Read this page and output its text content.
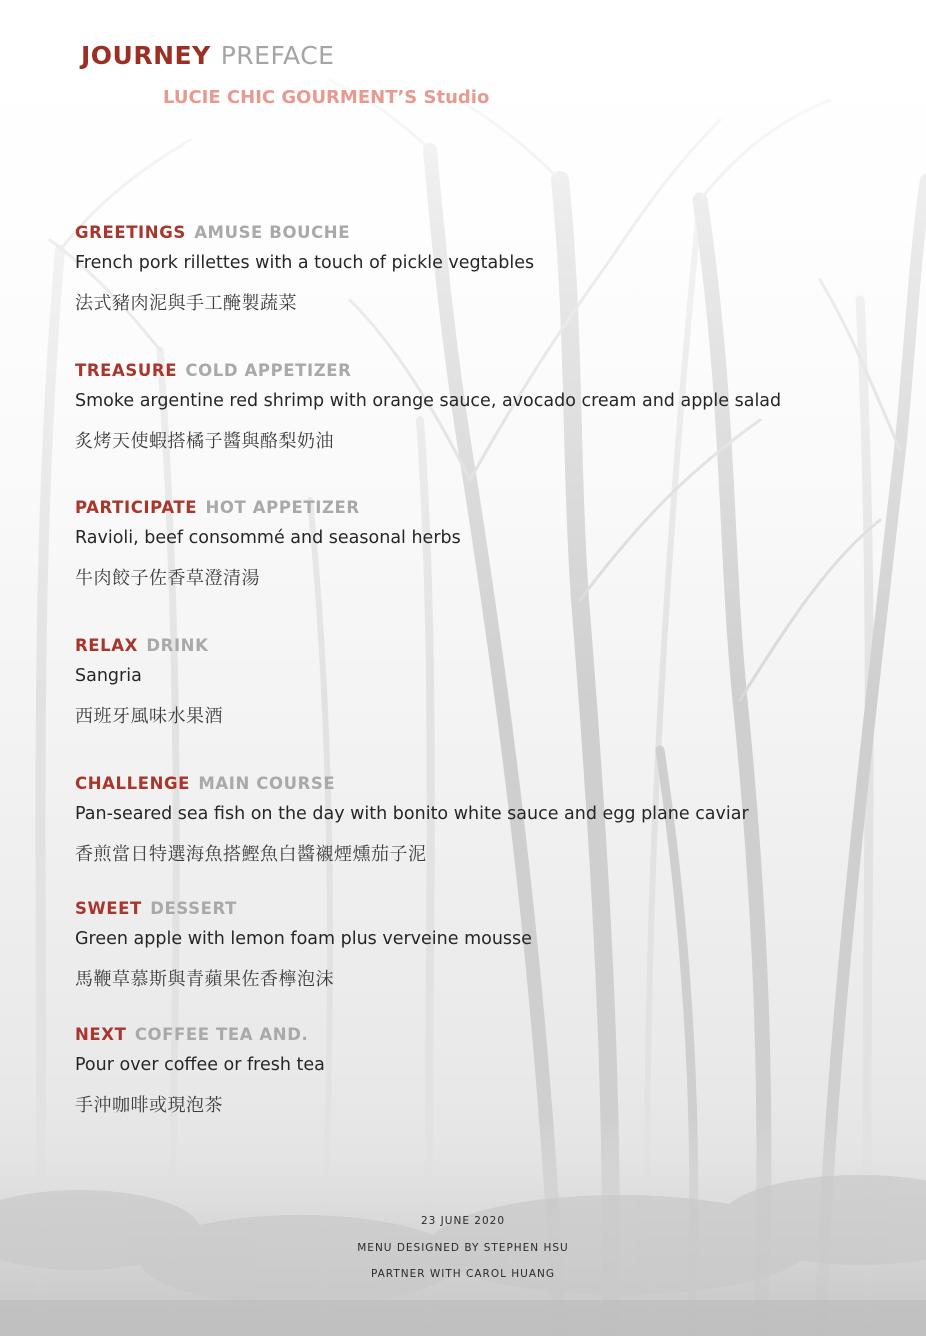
JOURNEY PREFACE
LUCIE CHIC GOURMENT’S Studio
GREETINGS AMUSE BOUCHE
French pork rillettes with a touch of pickle vegtables
法式豬肉泥與手工醃製蔬菜
TREASURE COLD APPETIZER
Smoke argentine red shrimp with orange sauce, avocado cream and apple salad
炙烤天使蝦搭橘子醬與酪梨奶油
PARTICIPATE HOT APPETIZER
Ravioli, beef consommé and seasonal herbs
牛肉餃子佐香草澄清湯
RELAX DRINK
Sangria
西班牙風味水果酒
CHALLENGE MAIN COURSE
Pan-seared sea fish on the day with bonito white sauce and egg plane caviar
香煎當日特選海魚搭鰹魚白醬襯煙燻茄子泥
SWEET DESSERT
Green apple with lemon foam plus verveine mousse
馬鞭草慕斯與青蘋果佐香檸泡沫
NEXT COFFEE TEA AND.
Pour over coffee or fresh tea
手沖咖啡或現泡茶
23 JUNE 2020
MENU DESIGNED BY STEPHEN HSU
PARTNER WITH CAROL HUANG
